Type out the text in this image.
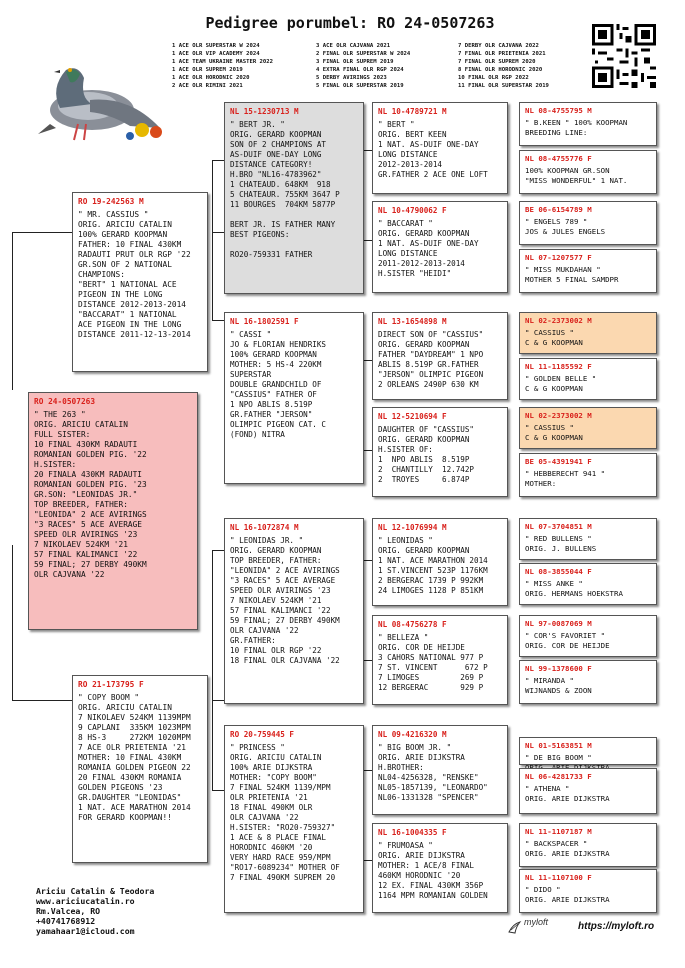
Pedigree porumbel: RO 24-0507263
1 ACE OLR SUPERSTAR W 2024
1 ACE OLR VIP ACADEMY 2024
1 ACE TEAM UKRAINE MASTER 2022
1 ACE OLR SUPREM 2019
1 ACE OLR HORODNIC 2020
2 ACE OLR RIMINI 2021
3 ACE OLR CAJVANA 2021
2 FINAL OLR SUPERSTAR W 2024
3 FINAL OLR SUPREM 2019
4 EXTRA FINAL OLR RGP 2024
5 DERBY AVIRINGS 2023
5 FINAL OLR SUPERSTAR 2019
7 DERBY OLR CAJVANA 2022
7 FINAL OLR PRIETENIA 2021
7 FINAL OLR SUPREM 2020
8 FINAL OLR HORODNIC 2020
10 FINAL OLR RGP 2022
11 FINAL OLR SUPERSTAR 2019
RO 24-0507263
" THE 263 "
ORIG. ARICIU CATALIN
FULL SISTER:
10 FINAL 430KM RADAUTI
ROMANIAN GOLDEN PIG. '22
H.SISTER:
20 FINALA 430KM RADAUTI
ROMANIAN GOLDEN PIG. '23
GR.SON: "LEONIDAS JR."
TOP BREEDER, FATHER:
"LEONIDA" 2 ACE AVIRINGS
"3 RACES" 5 ACE AVERAGE
SPEED OLR AVIRINGS '23
7 NIKOLAEV 524KM '21
57 FINAL KALIMANCI '22
59 FINAL; 27 DERBY 490KM
OLR CAJVANA '22
RO 19-242563 M
" MR. CASSIUS "
ORIG. ARICIU CATALIN
100% GERARD KOOPMAN
FATHER: 10 FINAL 430KM
RADAUTI PRUT OLR RGP '22
GR.SON OF 2 NATIONAL
CHAMPIONS:
"BERT" 1 NATIONAL ACE
PIGEON IN THE LONG
DISTANCE 2012-2013-2014
"BACCARAT" 1 NATIONAL
ACE PIGEON IN THE LONG
DISTANCE 2011-12-13-2014
RO 21-173795 F
" COPY BOOM "
ORIG. ARICIU CATALIN
7 NIKOLAEV 524KM 1139MPM
9 CAPLANI  335KM 1023MPM
8 HS-3     272KM 1020MPM
7 ACE OLR PRIETENIA '21
MOTHER: 10 FINAL 430KM
ROMANIA GOLDEN PIGEON 22
20 FINAL 430KM ROMANIA
GOLDEN PIGEONS '23
GR.DAUGHTER "LEONIDAS"
1 NAT. ACE MARATHON 2014
FOR GERARD KOOPMAN!!
NL 15-1230713 M
" BERT JR. "
ORIG. GERARD KOOPMAN
SON OF 2 CHAMPIONS AT
AS-DUIF ONE-DAY LONG
DISTANCE CATEGORY!
H.BRO "NL16-4783962"
1 CHATEAUD. 648KM  918
5 CHATEAUR. 755KM 3647 P
11 BOURGES  704KM 5877P

BERT JR. IS FATHER MANY
BEST PIGEONS:

RO20-759331 FATHER
NL 16-1802591 F
" CASSI "
JO & FLORIAN HENDRIKS
100% GERARD KOOPMAN
MOTHER: 5 HS-4 220KM
SUPERSTAR
DOUBLE GRANDCHILD OF
"CASSIUS" FATHER OF
1 NPO ABLIS 8.519P
GR.FATHER "JERSON"
OLIMPIC PIGEON CAT. C
(FOND) NITRA
NL 16-1072874 M
" LEONIDAS JR. "
ORIG. GERARD KOOPMAN
TOP BREEDER, FATHER:
"LEONIDA" 2 ACE AVIRINGS
"3 RACES" 5 ACE AVERAGE
SPEED OLR AVIRINGS '23
7 NIKOLAEV 524KM '21
57 FINAL KALIMANCI '22
59 FINAL; 27 DERBY 490KM
OLR CAJVANA '22
GR.FATHER:
10 FINAL OLR RGP '22
18 FINAL OLR CAJVANA '22
RO 20-759445 F
" PRINCESS "
ORIG. ARICIU CATALIN
100% ARIE DIJKSTRA
MOTHER: "COPY BOOM"
7 FINAL 524KM 1139/MPM
OLR PRIETENIA '21
18 FINAL 490KM OLR
OLR CAJVANA '22
H.SISTER: "RO20-759327"
1 ACE & 8 PLACE FINAL
HORODNIC 460KM '20
VERY HARD RACE 959/MPM
"RO17-6089234" MOTHER OF
7 FINAL 490KM SUPREM 20
NL 10-4789721 M
" BERT "
ORIG. BERT KEEN
1 NAT. AS-DUIF ONE-DAY
LONG DISTANCE
2012-2013-2014
GR.FATHER 2 ACE ONE LOFT
NL 10-4790062 F
" BACCARAT "
ORIG. GERARD KOOPMAN
1 NAT. AS-DUIF ONE-DAY
LONG DISTANCE
2011-2012-2013-2014
H.SISTER "HEIDI"
NL 13-1654898 M
DIRECT SON OF "CASSIUS"
ORIG. GERARD KOOPMAN
FATHER "DAYDREAM" 1 NPO
ABLIS 8.519P GR.FATHER
"JERSON" OLIMPIC PIGEON
2 ORLEANS 2490P 630 KM
NL 12-5210694 F
DAUGHTER OF "CASSIUS"
ORIG. GERARD KOOPMAN
H.SISTER OF:
1  NPO ABLIS  8.519P
2  CHANTILLY  12.742P
2  TROYES     6.874P
NL 12-1076994 M
" LEONIDAS "
ORIG. GERARD KOOPMAN
1 NAT. ACE MARATHON 2014
1 ST.VINCENT 523P 1176KM
2 BERGERAC 1739 P 992KM
24 LIMOGES 1128 P 851KM
NL 08-4756278 F
" BELLEZA "
ORIG. COR DE HEIJDE
3 CAHORS NATIONAL 977 P
7 ST. VINCENT      672 P
7 LIMOGES         269 P
12 BERGERAC       929 P
NL 09-4216320 M
" BIG BOOM JR. "
ORIG. ARIE DIJKSTRA
H.BROTHER:
NL04-4256328, "RENSKE"
NL05-1857139, "LEONARDO"
NL06-1331328 "SPENCER"
NL 16-1004335 F
" FRUMOASA "
ORIG. ARIE DIJKSTRA
MOTHER: 1 ACE/8 FINAL
460KM HORODNIC '20
12 EX. FINAL 430KM 356P
1164 MPM ROMANIAN GOLDEN
NL 08-4755795 M
" B.KEEN " 100% KOOPMAN
BREEDING LINE:
NL 08-4755776 F
100% KOOPMAN GR.SON
"MISS WONDERFUL" 1 NAT.
BE 06-6154789 M
" ENGELS 789 "
JOS & JULES ENGELS
NL 07-1207577 F
" MISS MUKDAHAN "
MOTHER 5 FINAL SAMDPR
NL 02-2373002 M
" CASSIUS "
C & G KOOPMAN
NL 11-1185592 F
" GOLDEN BELLE "
C & G KOOPMAN
NL 02-2373002 M
" CASSIUS "
C & G KOOPMAN
BE 05-4391941 F
" HEBBERECHT 941 "
MOTHER:
NL 07-3704851 M
" RED BULLENS "
ORIG. J. BULLENS
NL 08-3855044 F
" MISS ANKE "
ORIG. HERMANS HOEKSTRA
NL 97-0087069 M
" COR'S FAVORIET "
ORIG. COR DE HEIJDE
NL 99-1378600 F
" MIRANDA "
WIJNANDS & ZOON
NL 01-5163851 M
" DE BIG BOOM "

NL 06-4281733 F
" ATHENA "
ORIG. ARIE DIJKSTRA
NL 11-1107187 M
" BACKSPACER "
ORIG. ARIE DIJKSTRA
NL 11-1107100 F
" DIDO "
ORIG. ARIE DIJKSTRA
Ariciu Catalin & Teodora
www.ariciucatalin.ro
Rm.Valcea, RO
+40741768912
yamahaar1@icloud.com
myloft	https://myloft.ro
